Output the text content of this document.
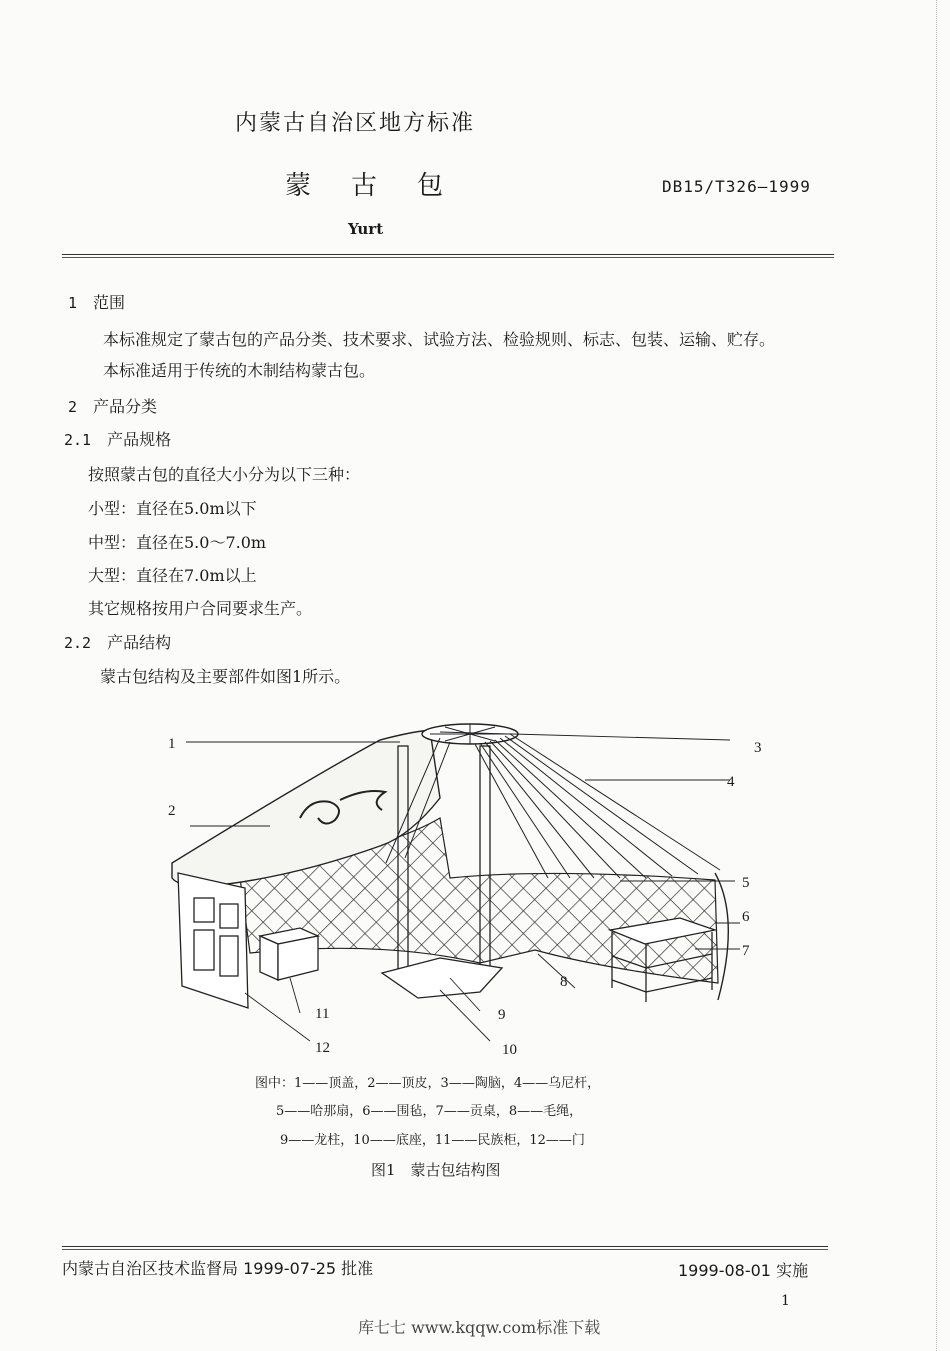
内蒙古自治区地方标准
蒙古包	DB15/T326—1999
Yurt
1 范围
本标准规定了蒙古包的产品分类、技术要求、试验方法、检验规则、标志、包装、运输、贮存。
本标准适用于传统的木制结构蒙古包。
2 产品分类
2.1 产品规格
按照蒙古包的直径大小分为以下三种：
小型：直径在5.0m以下
中型：直径在5.0～7.0m
大型：直径在7.0m以上
其它规格按用户合同要求生产。
2.2 产品结构
蒙古包结构及主要部件如图1所示。
1
2
3
4
5
6
7
8
9
10
11
12
图中：1——顶盖，2——顶皮，3——陶脑，4——乌尼杆，
5——哈那扇，6——围毡，7——贡桌，8——毛绳，
9——龙柱，10——底座，11——民族柜，12——门
图1　蒙古包结构图
内蒙古自治区技术监督局 1999-07-25 批准	1999-08-01 实施
1
库七七 www.kqqw.com标准下载
